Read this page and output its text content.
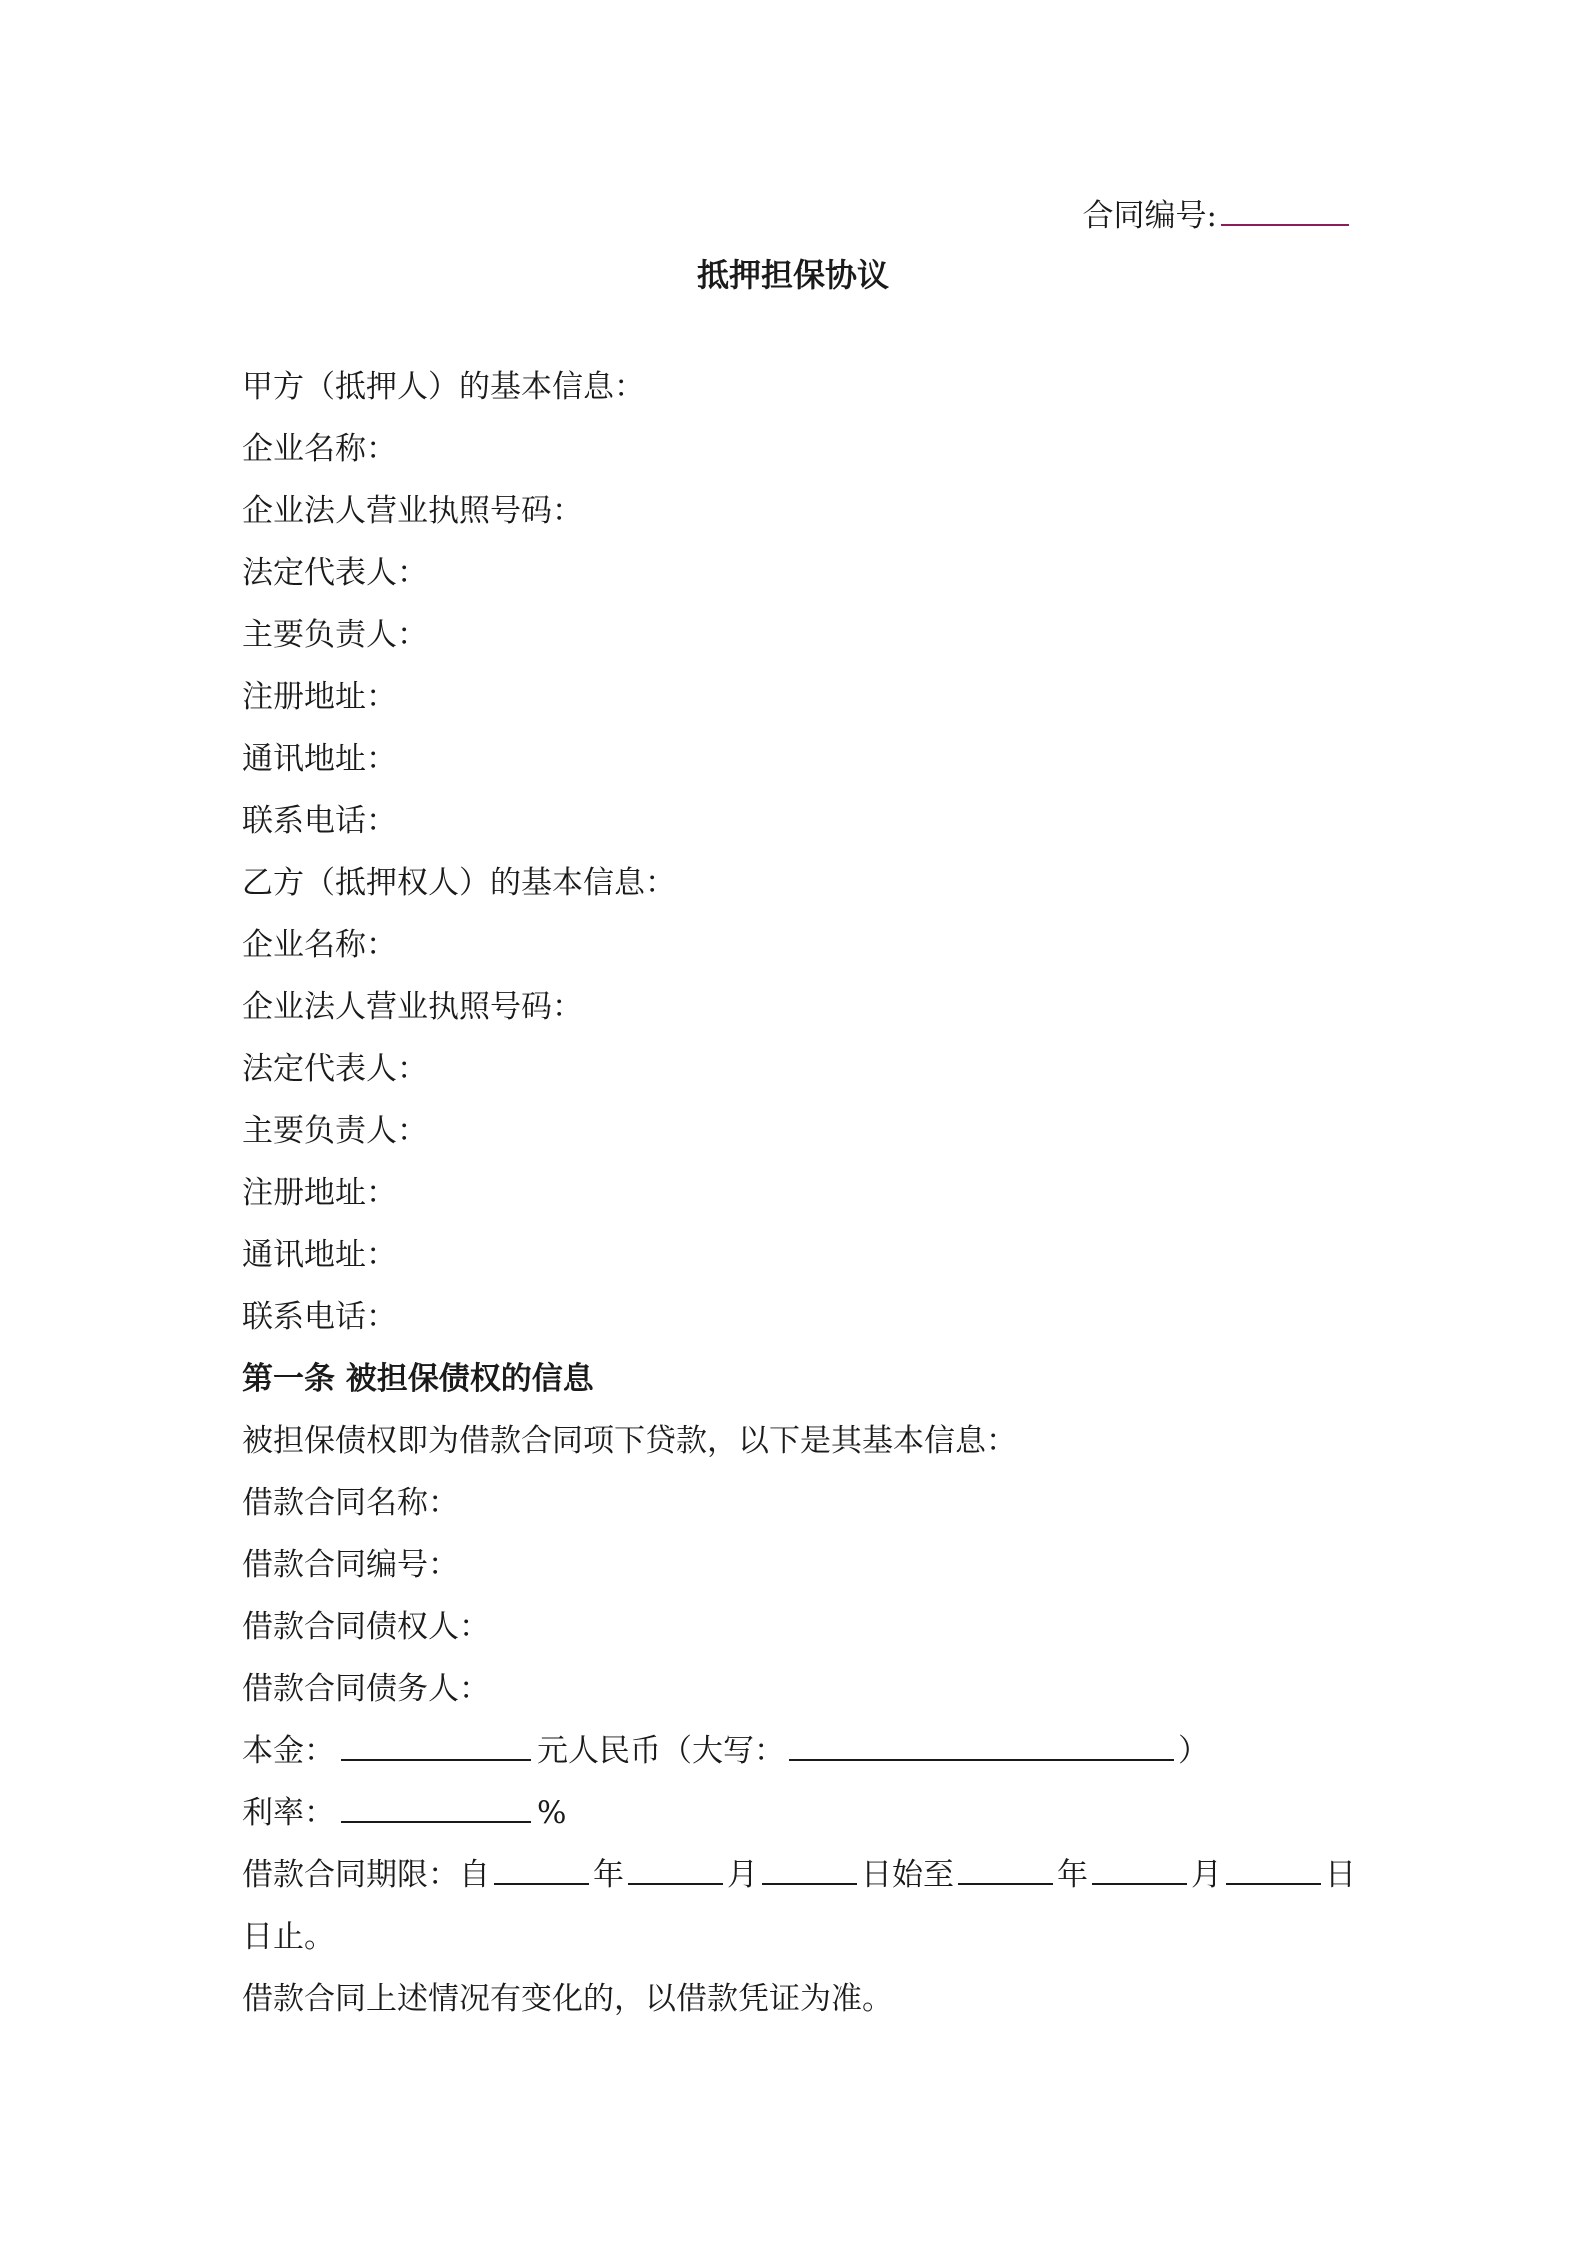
合同编号:
抵押担保协议
甲方（抵押人）的基本信息：
企业名称：
企业法人营业执照号码：
法定代表人：
主要负责人：
注册地址：
通讯地址：
联系电话：
乙方（抵押权人）的基本信息：
企业名称：
企业法人营业执照号码：
法定代表人：
主要负责人：
注册地址：
通讯地址：
联系电话：
第一条 被担保债权的信息
被担保债权即为借款合同项下贷款，以下是其基本信息：
借款合同名称：
借款合同编号：
借款合同债权人：
借款合同债务人：
本金：	元人民币（大写：	）
利率：	%
借款合同期限：自	年	月	日始至	年	月	日
日止。
借款合同上述情况有变化的，以借款凭证为准。
